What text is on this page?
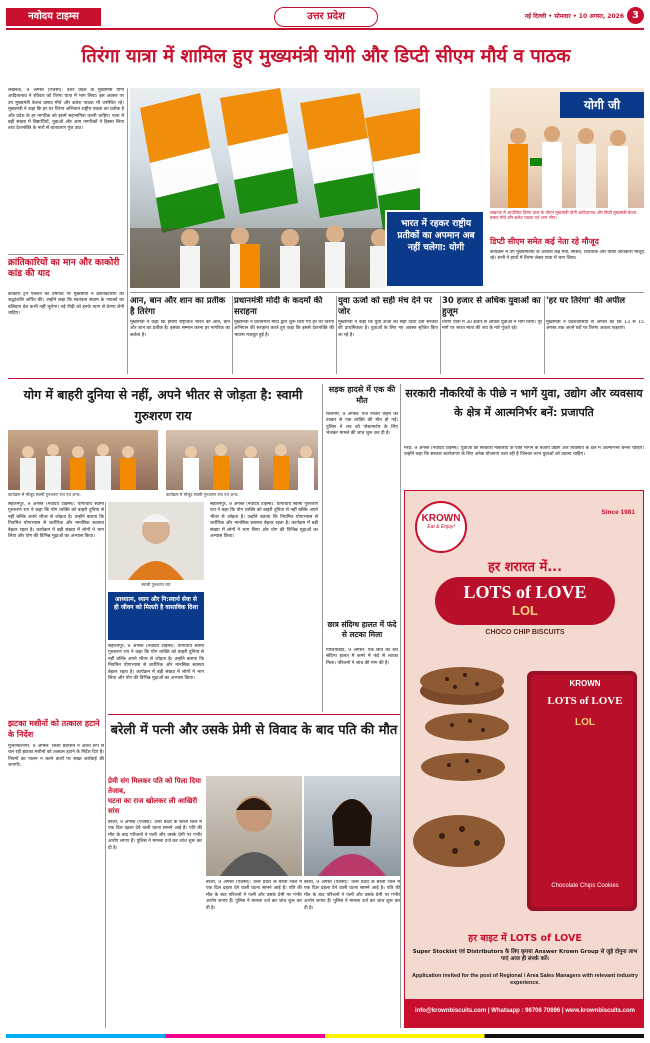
नवोदय टाइम्स	उत्तर प्रदेश	नई दिल्ली • सोमवार • 10 अगस्त, 2026 3
तिरंगा यात्रा में शामिल हुए मुख्यमंत्री योगी और डिप्टी सीएम मौर्य व पाठक
लखनऊ, 9 अगस्त (एजेंसी): उत्तर प्रदेश के मुख्यमंत्री योगी आदित्यनाथ ने रविवार को तिरंगा यात्रा में भाग लिया। इस अवसर पर उप मुख्यमंत्री केशव प्रसाद मौर्य और ब्रजेश पाठक भी उपस्थित रहे। मुख्यमंत्री ने कहा कि हर घर तिरंगा अभियान राष्ट्रीय एकता का प्रतीक है और प्रदेश के हर नागरिक को इसमें सहभागिता करनी चाहिए। यात्रा में बड़ी संख्या में विद्यार्थियों, युवाओं और आम नागरिकों ने हिस्सा लिया तथा देशभक्ति के नारों से वातावरण गूंज उठा।
क्रांतिकारियों का मान और काकोरी कांड की याद
काकोरी ट्रेन एक्शन की वर्षगांठ पर मुख्यमंत्री ने क्रांतिकारियों को श्रद्धांजलि अर्पित की। उन्होंने कहा कि स्वतंत्रता संग्राम के नायकों का बलिदान देश कभी नहीं भूलेगा। नई पीढ़ी को इनके त्याग से प्रेरणा लेनी चाहिए।
भारत में रहकर राष्ट्रीय प्रतीकों का अपमान अब नहीं चलेगा: योगी
योगी जी
लखनऊ में आयोजित तिरंगा यात्रा के दौरान मुख्यमंत्री योगी आदित्यनाथ और डिप्टी मुख्यमंत्री केशव प्रसाद मौर्य और ब्रजेश पाठक एवं अन्य लोग।
डिप्टी सीएम समेत कई नेता रहे मौजूद
कार्यक्रम में उप मुख्यमंत्रियों के अलावा कई मंत्री, सांसद, विधायक और वरिष्ठ अधिकारी मौजूद रहे। सभी ने हाथों में तिरंगा लेकर यात्रा में भाग लिया।
आन, बान और शान का प्रतीक है तिरंगा
मुख्यमंत्री ने कहा कि हमारा राष्ट्रध्वज भारत की आन, बान और शान का प्रतीक है। इसका सम्मान करना हर नागरिक का कर्तव्य है।
प्रधानमंत्री मोदी के कदमों की सराहना
मुख्यमंत्री ने प्रधानमंत्री मोदी द्वारा शुरू किए गए हर घर तिरंगा अभियान की सराहना करते हुए कहा कि इससे देशभक्ति की भावना मजबूत हुई है।
युवा ऊर्जा को सही मंच देने पर जोर
मुख्यमंत्री ने कहा कि युवा ऊर्जा को सही दिशा देना सरकार की प्राथमिकता है। युवाओं के लिए नए अवसर सृजित किए जा रहे हैं।
30 हजार से अधिक युवाओं का हुजूम
तिरंगा यात्रा में 30 हजार से अधिक युवाओं ने भाग लिया। पूरे मार्ग पर भारत माता की जय के नारे गूंजते रहे।
'हर घर तिरंगा' की अपील
मुख्यमंत्री ने प्रदेशवासियों से अपील की कि 13 से 15 अगस्त तक अपने घरों पर तिरंगा अवश्य फहराएं।
योग में बाहरी दुनिया से नहीं, अपने भीतर से जोड़ता है: स्वामी गुरुशरण राय
कार्यक्रम में मौजूद स्वामी गुरुशरण राय एवं अन्य।	कार्यक्रम में मौजूद स्वामी गुरुशरण राय एवं अन्य।
सहारनपुर, 9 अगस्त (नवोदय टाइम्स): योगाचार्य स्वामी गुरुशरण राय ने कहा कि योग व्यक्ति को बाहरी दुनिया से नहीं बल्कि अपने भीतर से जोड़ता है। उन्होंने बताया कि नियमित योगाभ्यास से शारीरिक और मानसिक स्वास्थ्य बेहतर रहता है। कार्यक्रम में बड़ी संख्या में लोगों ने भाग लिया और योग की विभिन्न मुद्राओं का अभ्यास किया।
स्वामी गुरुशरण राय
आध्यात्म, ध्यान और नि:स्वार्थ सेवा से ही जीवन को मिलती है वास्तविक दिशा
सहारनपुर, 9 अगस्त (नवोदय टाइम्स): योगाचार्य स्वामी गुरुशरण राय ने कहा कि योग व्यक्ति को बाहरी दुनिया से नहीं बल्कि अपने भीतर से जोड़ता है। उन्होंने बताया कि नियमित योगाभ्यास से शारीरिक और मानसिक स्वास्थ्य बेहतर रहता है। कार्यक्रम में बड़ी संख्या में लोगों ने भाग लिया और योग की विभिन्न मुद्राओं का अभ्यास किया।
सहारनपुर, 9 अगस्त (नवोदय टाइम्स): योगाचार्य स्वामी गुरुशरण राय ने कहा कि योग व्यक्ति को बाहरी दुनिया से नहीं बल्कि अपने भीतर से जोड़ता है। उन्होंने बताया कि नियमित योगाभ्यास से शारीरिक और मानसिक स्वास्थ्य बेहतर रहता है। कार्यक्रम में बड़ी संख्या में लोगों ने भाग लिया और योग की विभिन्न मुद्राओं का अभ्यास किया।
झटका मशीनों को तत्काल हटाने के निर्देश
मुजफ्फरनगर, 9 अगस्त: जिला प्रशासन ने अवैध रूप से चल रही झटका मशीनों को तत्काल हटाने के निर्देश दिए हैं। नियमों का पालन न करने वालों पर सख्त कार्रवाई की जाएगी।
सड़क हादसे में एक की मौत
बिजनौर, 9 अगस्त: तेज रफ्तार वाहन की टक्कर से एक व्यक्ति की मौत हो गई। पुलिस ने शव को पोस्टमार्टम के लिए भेजकर मामले की जांच शुरू कर दी है।
छात्र संदिग्ध हालत में फंदे से लटका मिला
गाजियाबाद, 9 अगस्त: एक छात्र का शव संदिग्ध हालत में कमरे में फंदे से लटका मिला। परिजनों ने जांच की मांग की है।
सरकारी नौकरियों के पीछे न भागें युवा, उद्योग और व्यवसाय के क्षेत्र में आत्मनिर्भर बनें: प्रजापति
मेरठ, 9 अगस्त (नवोदय टाइम्स): युवाओं को सरकारी नौकरियों के पीछे भागने के बजाय उद्योग और व्यवसाय के क्षेत्र में आत्मनिर्भर बनना चाहिए। उन्होंने कहा कि सरकार स्वरोजगार के लिए अनेक योजनाएं चला रही है जिनका लाभ युवाओं को उठाना चाहिए।
KROWN
Eat & Enjoy!
Since 1981
हर शरारत में...
LOTS of LOVE
LOL
CHOCO CHIP BISCUITS
KROWN
LOTS of LOVE
LOL
Chocolate Chips Cookies
हर बाइट में LOTS of LOVE
Super Stockist एवं Distributors के लिए कृपया Answer Krown Group से जुड़े दोगुना लाभ पाएं आज ही संपर्क करें।
Application invited for the post of Regional / Area Sales Managers with relevant industry experience.
info@krownbiscuits.com | Whatsapp : 96706 70696 | www.krownbiscuits.com
बरेली में पत्नी और उसके प्रेमी से विवाद के बाद पति की मौत
प्रेमी संग मिलकर पति को पिला दिया तेजाब,
घटना का राज खोलकर ली आखिरी सांस
बरेली, 9 अगस्त (एजेंसी): उत्तर प्रदेश के बरेली जिले में एक दिल दहला देने वाली घटना सामने आई है। पति की मौत के बाद परिजनों ने पत्नी और उसके प्रेमी पर गंभीर आरोप लगाए हैं। पुलिस ने मामला दर्ज कर जांच शुरू कर दी है।
बरेली, 9 अगस्त (एजेंसी): उत्तर प्रदेश के बरेली जिले में एक दिल दहला देने वाली घटना सामने आई है। पति की मौत के बाद परिजनों ने पत्नी और उसके प्रेमी पर गंभीर आरोप लगाए हैं। पुलिस ने मामला दर्ज कर जांच शुरू कर दी है।
बरेली, 9 अगस्त (एजेंसी): उत्तर प्रदेश के बरेली जिले में एक दिल दहला देने वाली घटना सामने आई है। पति की मौत के बाद परिजनों ने पत्नी और उसके प्रेमी पर गंभीर आरोप लगाए हैं। पुलिस ने मामला दर्ज कर जांच शुरू कर दी है।
